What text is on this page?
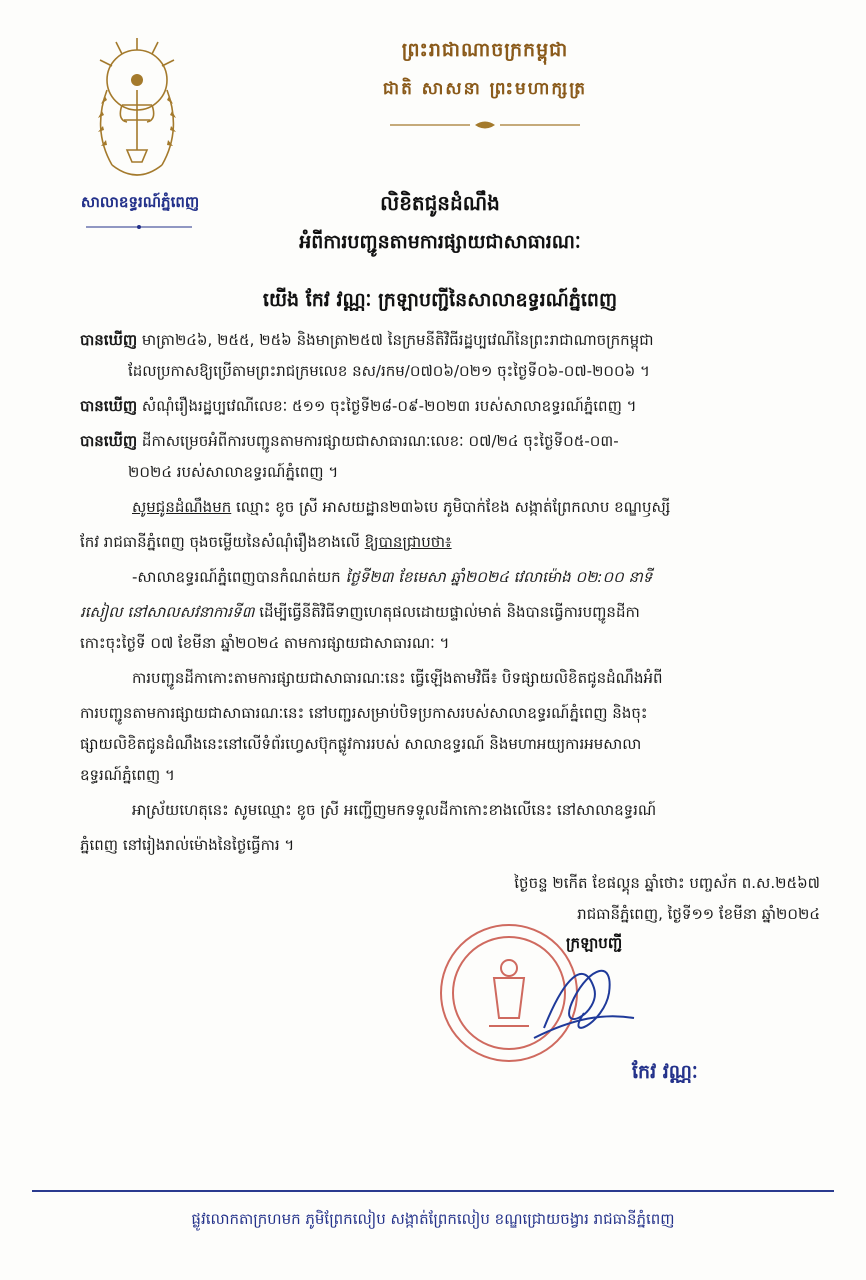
សាលាឧទ្ធរណ៍ភ្នំពេញ
ព្រះរាជាណាចក្រកម្ពុជា
ជាតិ សាសនា ព្រះមហាក្សត្រ
លិខិតជូនដំណឹង
អំពីការបញ្ជូនតាមការផ្សាយជាសាធារណៈ
យើង កែវ វណ្ណៈ ក្រឡាបញ្ជីនៃសាលាឧទ្ធរណ៍ភ្នំពេញ
បានឃើញ មាត្រា២៤៦, ២៥៥, ២៥៦ និងមាត្រា២៥៧ នៃក្រមនីតិវិធីរដ្ឋប្បវេណីនៃព្រះរាជាណាចក្រកម្ពុជា
ដែលប្រកាសឱ្យប្រើតាមព្រះរាជក្រមលេខ នស/រកម/០៧០៦/០២១ ចុះថ្ងៃទី០៦-០៧-២០០៦ ។
បានឃើញ សំណុំរឿងរដ្ឋប្បវេណីលេខៈ ៥១១ ចុះថ្ងៃទី២៨-០៩-២០២៣ របស់សាលាឧទ្ធរណ៍ភ្នំពេញ ។
បានឃើញ ដីកាសម្រេចអំពីការបញ្ជូនតាមការផ្សាយជាសាធារណៈលេខៈ ០៧/២៤ ចុះថ្ងៃទី០៥-០៣-
២០២៤ របស់សាលាឧទ្ធរណ៍ភ្នំពេញ ។
សូមជូនដំណឹងមក ឈ្មោះ ខូច ស្រី អាសយដ្ឋាន២៣៦បេ ភូមិបាក់ខែង សង្កាត់ព្រែកលាប ខណ្ឌឫស្សី
កែវ រាជធានីភ្នំពេញ ចុងចម្លើយនៃសំណុំរឿងខាងលើ ឱ្យបានជ្រាបថា៖
-សាលាឧទ្ធរណ៍ភ្នំពេញបានកំណត់យក ថ្ងៃទី២៣ ខែមេសា ឆ្នាំ២០២៤ វេលាម៉ោង ០២:០០ នាទី
រសៀល នៅសាលសវនាការទី៣ ដើម្បីធ្វើនីតិវិធីទាញហេតុផលដោយផ្ទាល់មាត់ និងបានធ្វើការបញ្ជូនដីកា
កោះចុះថ្ងៃទី ០៧ ខែមីនា ឆ្នាំ២០២៤ តាមការផ្សាយជាសាធារណៈ ។
ការបញ្ជូនដីកាកោះតាមការផ្សាយជាសាធារណៈនេះ ធ្វើឡើងតាមវិធី៖ បិទផ្សាយលិខិតជូនដំណឹងអំពី
ការបញ្ជូនតាមការផ្សាយជាសាធារណៈនេះ នៅបញ្ជរសម្រាប់បិទប្រកាសរបស់សាលាឧទ្ធរណ៍ភ្នំពេញ និងចុះ
ផ្សាយលិខិតជូនដំណឹងនេះនៅលើទំព័រហ្វេសប៊ុកផ្លូវការរបស់ សាលាឧទ្ធរណ៍ និងមហាអយ្យការអមសាលា
ឧទ្ធរណ៍ភ្នំពេញ ។
អាស្រ័យហេតុនេះ សូមឈ្មោះ ខូច ស្រី អញ្ជើញមកទទួលដីកាកោះខាងលើនេះ នៅសាលាឧទ្ធរណ៍
ភ្នំពេញ នៅរៀងរាល់ម៉ោងនៃថ្ងៃធ្វើការ ។
ថ្ងៃចន្ទ ២កើត ខែផល្គុន ឆ្នាំថោះ បញ្ចស័ក ព.ស.២៥៦៧
រាជធានីភ្នំពេញ, ថ្ងៃទី១១ ខែមីនា ឆ្នាំ២០២៤
ក្រឡាបញ្ជី
កែវ វណ្ណៈ
ផ្លូវលោកតាក្រហមក ភូមិព្រែកលៀប សង្កាត់ព្រែកលៀប ខណ្ឌជ្រោយចង្វារ រាជធានីភ្នំពេញ
